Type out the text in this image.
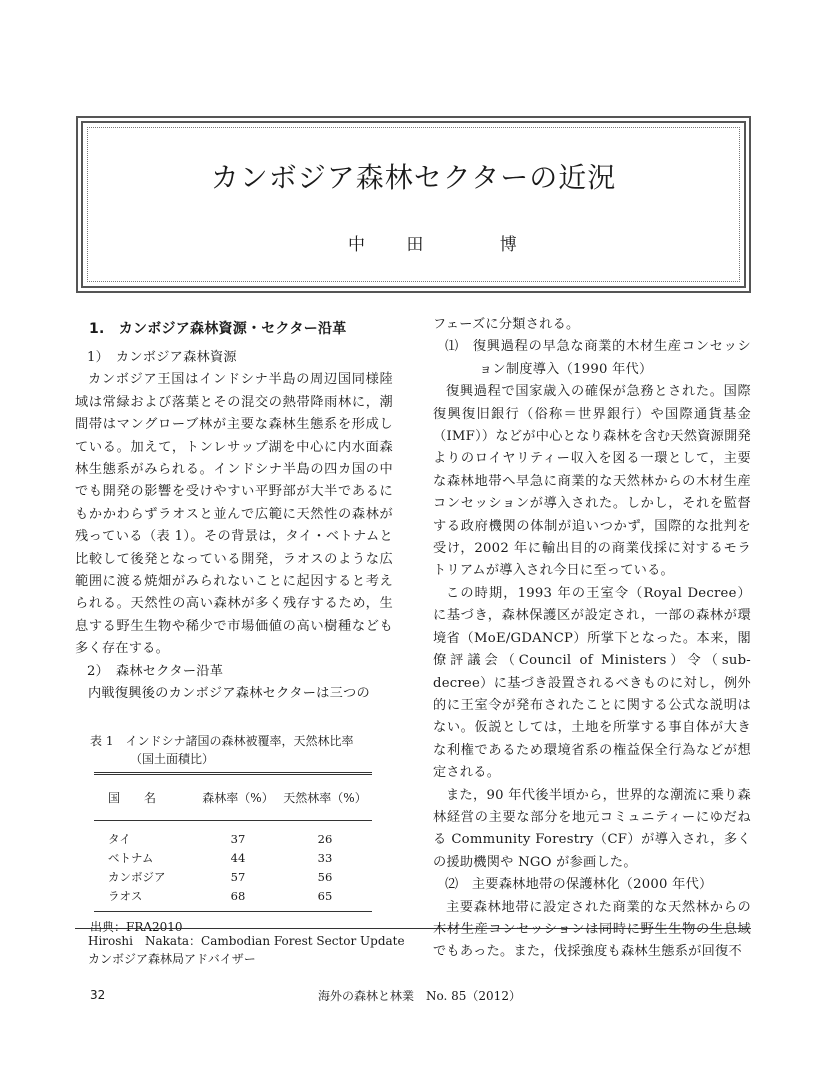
カンボジア森林セクターの近況

中 田　 博

1.　カンボジア森林資源・セクター沿革

1）　カンボジア森林資源

カンボジア王国はインドシナ半島の周辺国同様陸域は常緑および落葉とその混交の熱帯降雨林に，潮間帯はマングローブ林が主要な森林生態系を形成している。加えて，トンレサップ湖を中心に内水面森林生態系がみられる。インドシナ半島の四カ国の中でも開発の影響を受けやすい平野部が大半であるにもかかわらずラオスと並んで広範に天然性の森林が残っている（表 1）。その背景は，タイ・ベトナムと比較して後発となっている開発，ラオスのような広範囲に渡る焼畑がみられないことに起因すると考えられる。天然性の高い森林が多く残存するため，生息する野生生物や稀少で市場価値の高い樹種なども多く存在する。

2）　森林セクター沿革

内戦復興後のカンボジア森林セクターは三つの

表 1　インドシナ諸国の森林被覆率，天然林比率

（国土面積比）

国　　名	森林率（%）	天然林率（%）
タイ	37	26
ベトナム	44	33
カンボジア	57	56
ラオス	68	65

出典：FRA2010

フェーズに分類される。

⑴　復興過程の早急な商業的木材生産コンセッション制度導入（1990 年代）

復興過程で国家歳入の確保が急務とされた。国際復興復旧銀行（俗称＝世界銀行）や国際通貨基金（IMF））などが中心となり森林を含む天然資源開発よりのロイヤリティー収入を図る一環として，主要な森林地帯へ早急に商業的な天然林からの木材生産コンセッションが導入された。しかし，それを監督する政府機関の体制が追いつかず，国際的な批判を受け，2002 年に輸出目的の商業伐採に対するモラトリアムが導入され今日に至っている。

この時期，1993 年の王室令（Royal Decree）に基づき，森林保護区が設定され，一部の森林が環境省（MoE/GDANCP）所掌下となった。本来，閣僚評議会（Council of Ministers）令（sub-decree）に基づき設置されるべきものに対し，例外的に王室令が発布されたことに関する公式な説明はない。仮説としては，土地を所掌する事自体が大きな利権であるため環境省系の権益保全行為などが想定される。

また，90 年代後半頃から，世界的な潮流に乗り森林経営の主要な部分を地元コミュニティーにゆだねる Community Forestry（CF）が導入され，多くの援助機関や NGO が参画した。

⑵　主要森林地帯の保護林化（2000 年代）

主要森林地帯に設定された商業的な天然林からの木材生産コンセッションは同時に野生生物の生息域でもあった。また，伐採強度も森林生態系が回復不

Hiroshi　Nakata：Cambodian Forest Sector Update

カンボジア森林局アドバイザー

32	海外の森林と林業　No. 85（2012）
